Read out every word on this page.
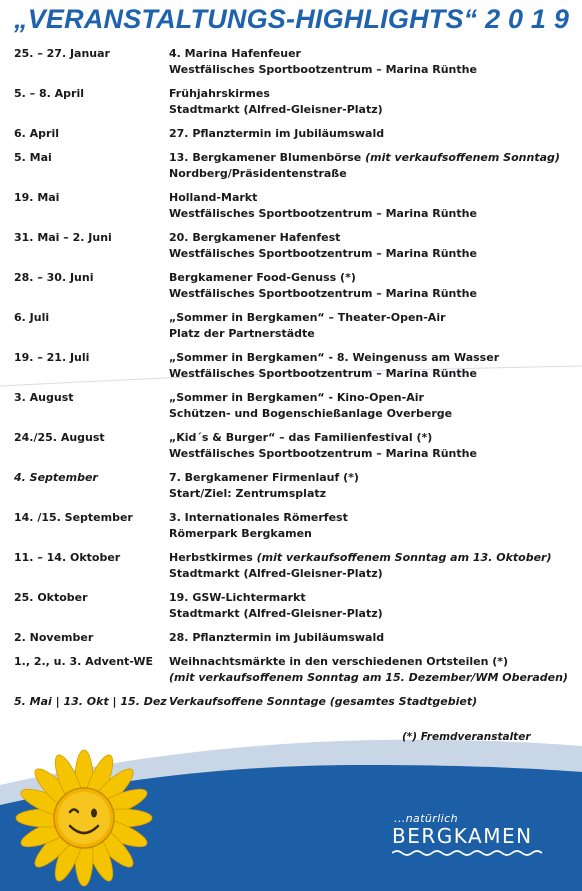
„VERANSTALTUNGS-HIGHLIGHTS“ 2 0 1 9
25. – 27. Januar	4. Marina Hafenfeuer
Westfälisches Sportbootzentrum – Marina Rünthe
5. – 8. April	Frühjahrskirmes
Stadtmarkt (Alfred-Gleisner-Platz)
6. April	27. Pflanztermin im Jubiläumswald
5. Mai	13. Bergkamener Blumenbörse (mit verkaufsoffenem Sonntag)
Nordberg/Präsidentenstraße
19. Mai	Holland-Markt
Westfälisches Sportbootzentrum – Marina Rünthe
31. Mai – 2. Juni	20. Bergkamener Hafenfest
Westfälisches Sportbootzentrum – Marina Rünthe
28. – 30. Juni	Bergkamener Food-Genuss (*)
Westfälisches Sportbootzentrum – Marina Rünthe
6. Juli	„Sommer in Bergkamen“ – Theater-Open-Air
Platz der Partnerstädte
19. – 21. Juli	„Sommer in Bergkamen“ - 8. Weingenuss am Wasser
Westfälisches Sportbootzentrum – Marina Rünthe
3. August	„Sommer in Bergkamen“ - Kino-Open-Air
Schützen- und Bogenschießanlage Overberge
24./25. August	„Kid´s & Burger“ – das Familienfestival (*)
Westfälisches Sportbootzentrum – Marina Rünthe
4. September	7. Bergkamener Firmenlauf (*)
Start/Ziel: Zentrumsplatz
14. /15. September	3. Internationales Römerfest
Römerpark Bergkamen
11. – 14. Oktober	Herbstkirmes (mit verkaufsoffenem Sonntag am 13. Oktober)
Stadtmarkt (Alfred-Gleisner-Platz)
25. Oktober	19. GSW-Lichtermarkt
Stadtmarkt (Alfred-Gleisner-Platz)
2. November	28. Pflanztermin im Jubiläumswald
1., 2., u. 3. Advent-WE	Weihnachtsmärkte in den verschiedenen Ortsteilen (*)
(mit verkaufsoffenem Sonntag am 15. Dezember/WM Oberaden)
5. Mai | 13. Okt | 15. Dez Verkaufsoffene Sonntage (gesamtes Stadtgebiet)
(*) Fremdveranstalter
...natürlich
BERGKAMEN
